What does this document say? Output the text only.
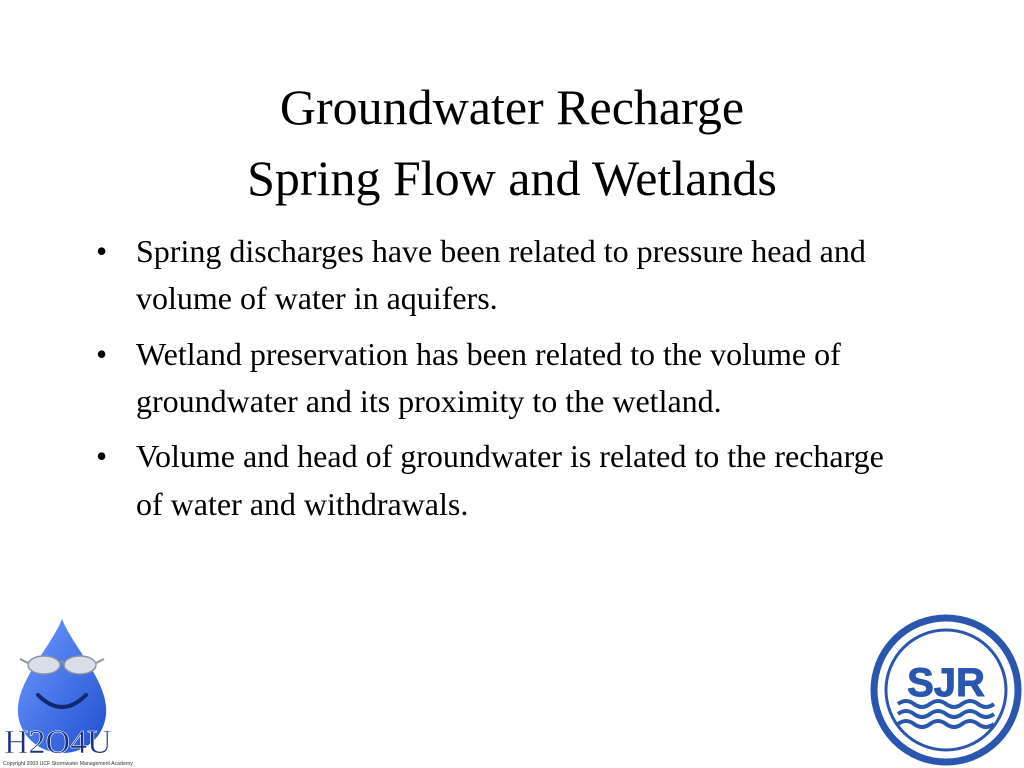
Groundwater Recharge
Spring Flow and Wetlands
• Spring discharges have been related to pressure head and volume of water in aquifers.
• Wetland preservation has been related to the volume of groundwater and its proximity to the wetland.
• Volume and head of groundwater is related to the recharge of water and withdrawals.
H2O4U
Copyright 2003 UCF Stormwater Management Academy
SJR
